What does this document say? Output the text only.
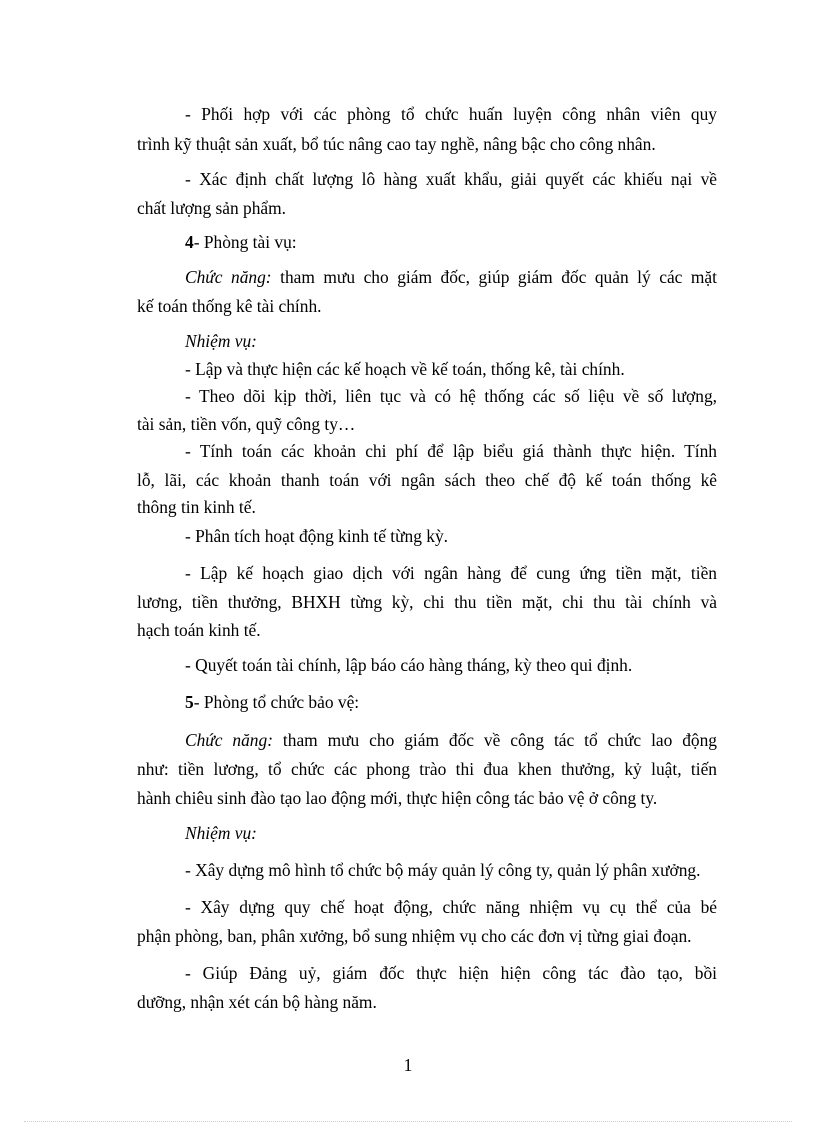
- Phối hợp với các phòng tổ chức huấn luyện công nhân viên quy
trình kỹ thuật sản xuất, bổ túc nâng cao tay nghề, nâng bậc cho công nhân.
- Xác định chất lượng lô hàng xuất khẩu, giải quyết các khiếu nại về
chất lượng sản phẩm.
4- Phòng tài vụ:
Chức năng: tham mưu cho giám đốc, giúp giám đốc quản lý các mặt
kế toán thống kê tài chính.
Nhiệm vụ:
- Lập và thực hiện các kế hoạch về kế toán, thống kê, tài chính.
- Theo dõi kịp thời, liên tục và có hệ thống các số liệu về số lượng,
tài sản, tiền vốn, quỹ công ty…
- Tính toán các khoản chi phí để lập biểu giá thành thực hiện. Tính
lỗ, lãi, các khoản thanh toán với ngân sách theo chế độ kế toán thống kê
thông tin kinh tế.
- Phân tích hoạt động kinh tế từng kỳ.
- Lập kế hoạch giao dịch với ngân hàng để cung ứng tiền mặt, tiền
lương, tiền thưởng, BHXH từng kỳ, chi thu tiền mặt, chi thu tài chính và
hạch toán kinh tế.
- Quyết toán tài chính, lập báo cáo hàng tháng, kỳ theo qui định.
5- Phòng tổ chức bảo vệ:
Chức năng: tham mưu cho giám đốc về công tác tổ chức lao động
như: tiền lương, tổ chức các phong trào thi đua khen thưởng, kỷ luật, tiến
hành chiêu sinh đào tạo lao động mới, thực hiện công tác bảo vệ ở công ty.
Nhiệm vụ:
- Xây dựng mô hình tổ chức bộ máy quản lý công ty, quản lý phân xưởng.
- Xây dựng quy chế hoạt động, chức năng nhiệm vụ cụ thể của bé
phận phòng, ban, phân xưởng, bổ sung nhiệm vụ cho các đơn vị từng giai đoạn.
- Giúp Đảng uỷ, giám đốc thực hiện hiện công tác đào tạo, bồi
dưỡng, nhận xét cán bộ hàng năm.
1
